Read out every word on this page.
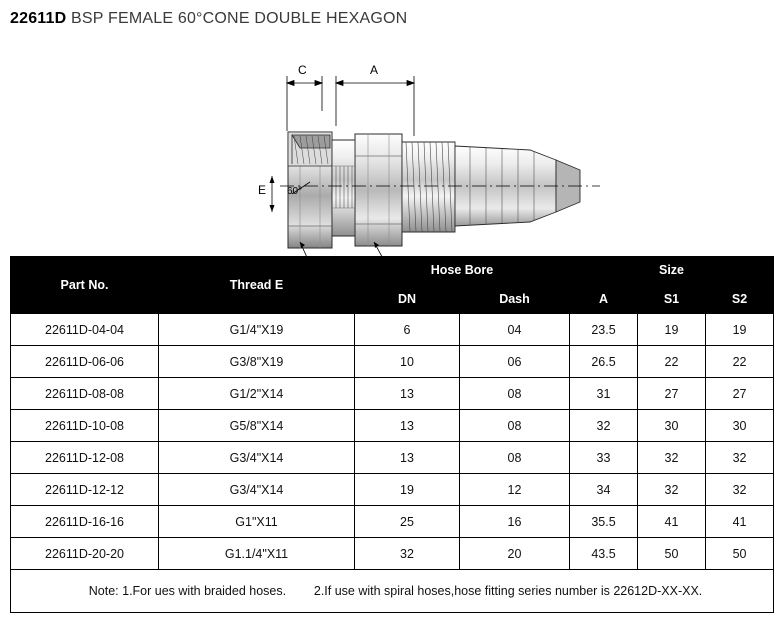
22611D BSP FEMALE 60°CONE DOUBLE HEXAGON
C	A
E 60°
Part No.	Thread E	Hose Bore		Size		
		DN	Dash	A	S1	S2
22611D-04-04	G1/4"X19	6	04	23.5	19	19
22611D-06-06	G3/8"X19	10	06	26.5	22	22
22611D-08-08	G1/2"X14	13	08	31	27	27
22611D-10-08	G5/8"X14	13	08	32	30	30
22611D-12-08	G3/4"X14	13	08	33	32	32
22611D-12-12	G3/4"X14	19	12	34	32	32
22611D-16-16	G1"X11	25	16	35.5	41	41
22611D-20-20	G1.1/4"X11	32	20	43.5	50	50

Note: 1.For ues with braided hoses.        2.If use with spiral hoses,hose fitting series number is 22612D-XX-XX.						
